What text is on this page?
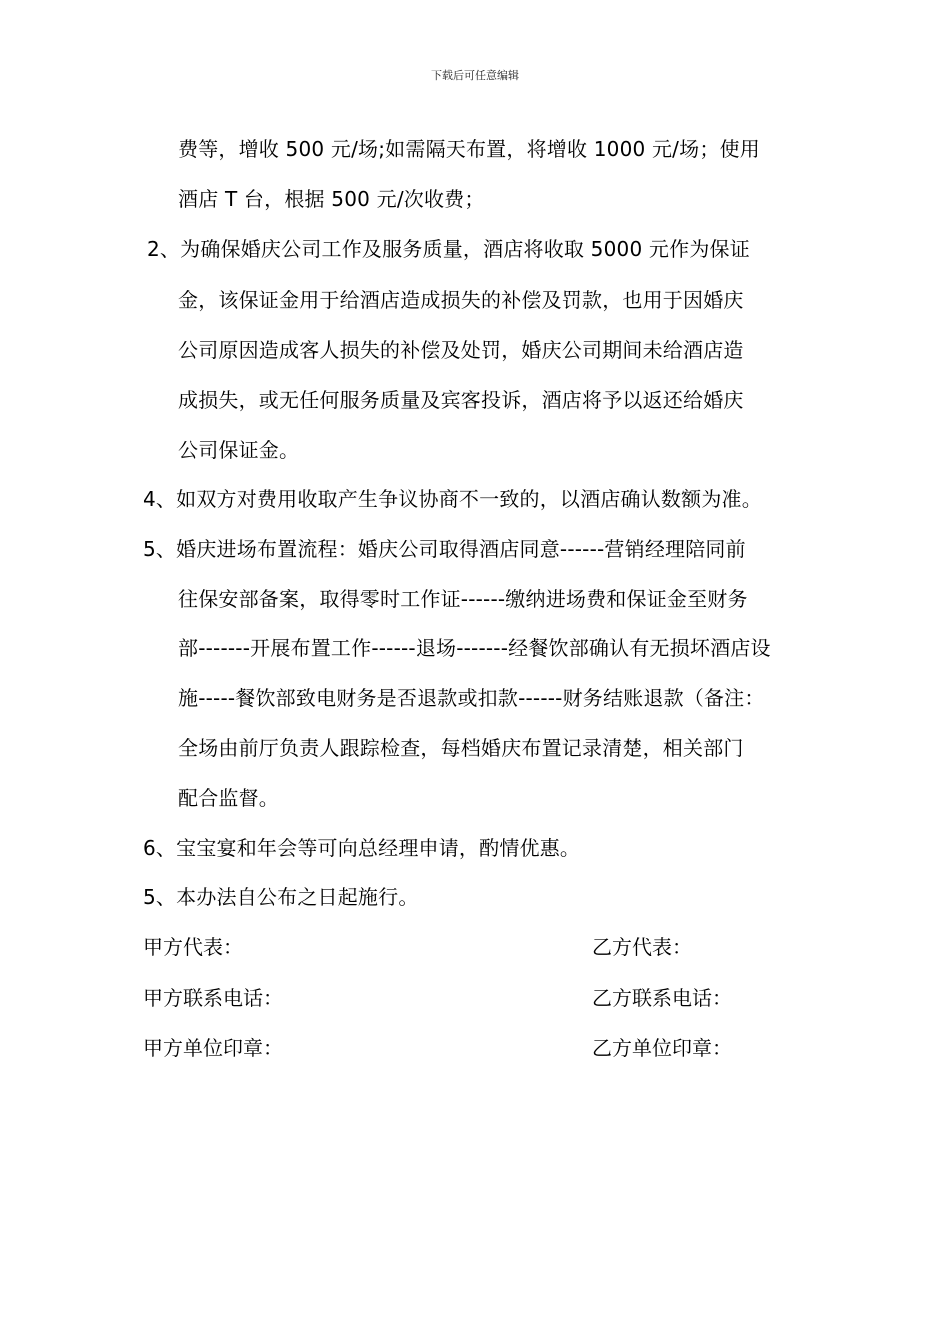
下载后可任意编辑
费等，增收 500 元/场;如需隔天布置，将增收 1000 元/场；使用
酒店 T 台，根据 500 元/次收费；
2、为确保婚庆公司工作及服务质量，酒店将收取 5000 元作为保证
金，该保证金用于给酒店造成损失的补偿及罚款，也用于因婚庆
公司原因造成客人损失的补偿及处罚，婚庆公司期间未给酒店造
成损失，或无任何服务质量及宾客投诉，酒店将予以返还给婚庆
公司保证金。
4、如双方对费用收取产生争议协商不一致的，以酒店确认数额为准。
5、婚庆进场布置流程：婚庆公司取得酒店同意------营销经理陪同前
往保安部备案，取得零时工作证------缴纳进场费和保证金至财务
部-------开展布置工作------退场-------经餐饮部确认有无损坏酒店设
施-----餐饮部致电财务是否退款或扣款------财务结账退款（备注：
全场由前厅负责人跟踪检查，每档婚庆布置记录清楚，相关部门
配合监督。
6、宝宝宴和年会等可向总经理申请，酌情优惠。
5、本办法自公布之日起施行。
甲方代表：	乙方代表：
甲方联系电话：	乙方联系电话：
甲方单位印章：	乙方单位印章：
